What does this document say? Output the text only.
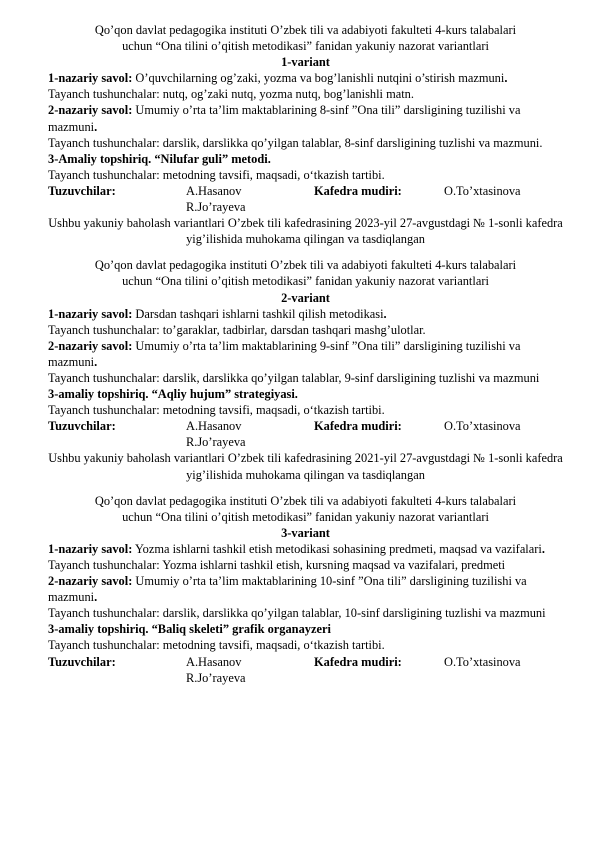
Qo’qon davlat pedagogika instituti O’zbek tili va adabiyoti fakulteti 4-kurs talabalari

uchun “Ona tilini o’qitish metodikasi” fanidan yakuniy nazorat variantlari

1-variant

1-nazariy savol: O’quvchilarning og’zaki, yozma va bog’lanishli nutqini o’stirish mazmuni.

Tayanch tushunchalar: nutq, og’zaki nutq, yozma nutq, bog’lanishli matn.

2-nazariy savol: Umumiy o’rta ta’lim maktablarining 8-sinf ”Ona tili” darsligining tuzilishi va mazmuni.

Tayanch tushunchalar: darslik, darslikka qo’yilgan talablar, 8-sinf darsligining tuzlishi va mazmuni.

3-Amaliy topshiriq. “Nilufar guli” metodi.

Tayanch tushunchalar: metodning tavsifi, maqsadi, o‘tkazish tartibi.

Tuzuvchilar:	A.Hasanov
R.Jo’rayeva
Kafedra mudiri:	O.To’xtasinova

Ushbu yakuniy baholash variantlari O’zbek tili kafedrasining 2023-yil 27-avgustdagi № 1-sonli kafedra yig’ilishida muhokama qilingan va tasdiqlangan

Qo’qon davlat pedagogika instituti O’zbek tili va adabiyoti fakulteti 4-kurs talabalari

uchun “Ona tilini o’qitish metodikasi” fanidan yakuniy nazorat variantlari

2-variant

1-nazariy savol: Darsdan tashqari ishlarni tashkil qilish metodikasi.

Tayanch tushunchalar: to’garaklar, tadbirlar, darsdan tashqari mashg’ulotlar.

2-nazariy savol: Umumiy o’rta ta’lim maktablarining 9-sinf ”Ona tili” darsligining tuzilishi va mazmuni.

Tayanch tushunchalar: darslik, darslikka qo’yilgan talablar, 9-sinf darsligining tuzlishi va mazmuni

3-amaliy topshiriq. “Aqliy hujum” strategiyasi.

Tayanch tushunchalar: metodning tavsifi, maqsadi, o‘tkazish tartibi.

Tuzuvchilar:	A.Hasanov
R.Jo’rayeva
Kafedra mudiri:	O.To’xtasinova

Ushbu yakuniy baholash variantlari O’zbek tili kafedrasining 2021-yil 27-avgustdagi № 1-sonli kafedra yig’ilishida muhokama qilingan va tasdiqlangan

Qo’qon davlat pedagogika instituti O’zbek tili va adabiyoti fakulteti 4-kurs talabalari

uchun “Ona tilini o’qitish metodikasi” fanidan yakuniy nazorat variantlari

3-variant

1-nazariy savol: Yozma ishlarni tashkil etish metodikasi sohasining predmeti, maqsad va vazifalari.

Tayanch tushunchalar: Yozma ishlarni tashkil etish, kursning maqsad va vazifalari, predmeti

2-nazariy savol: Umumiy o’rta ta’lim maktablarining 10-sinf ”Ona tili” darsligining tuzilishi va mazmuni.

Tayanch tushunchalar: darslik, darslikka qo’yilgan talablar, 10-sinf darsligining tuzlishi va mazmuni

3-amaliy topshiriq. “Baliq skeleti” grafik organayzeri

Tayanch tushunchalar: metodning tavsifi, maqsadi, o‘tkazish tartibi.

Tuzuvchilar:	A.Hasanov
R.Jo’rayeva
Kafedra mudiri:	O.To’xtasinova
